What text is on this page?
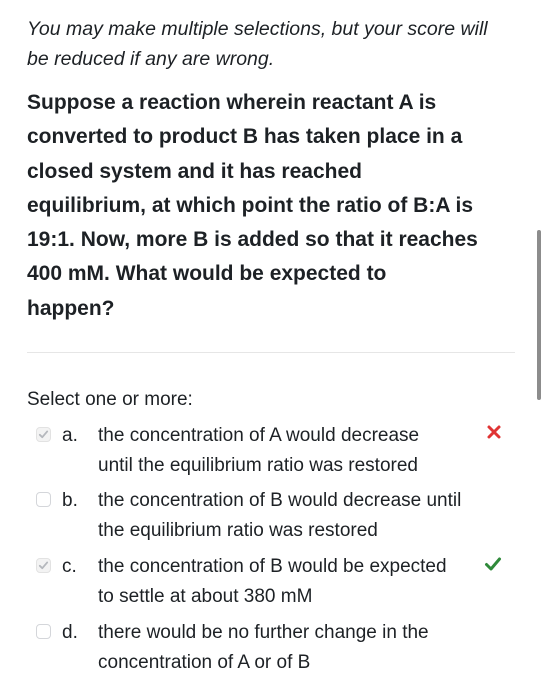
You may make multiple selections, but your score will
be reduced if any are wrong.
Suppose a reaction wherein reactant A is
converted to product B has taken place in a
closed system and it has reached
equilibrium, at which point the ratio of B:A is
19:1. Now, more B is added so that it reaches
400 mM. What would be expected to
happen?
Select one or more:
a. the concentration of A would decrease
until the equilibrium ratio was restored
b. the concentration of B would decrease until
the equilibrium ratio was restored
c. the concentration of B would be expected
to settle at about 380 mM
d. there would be no further change in the
concentration of A or of B
